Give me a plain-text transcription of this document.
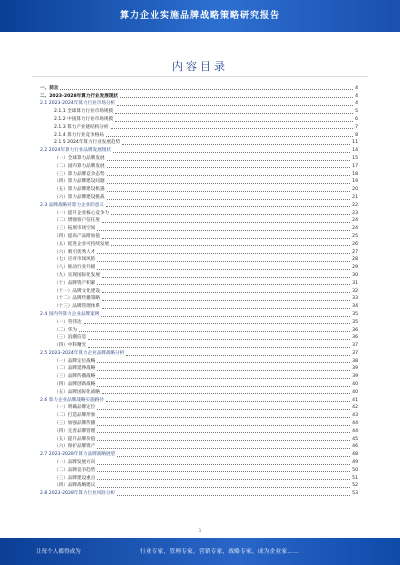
算力企业实施品牌战略策略研究报告
内容目录
一、前言	4
二、2023-2028年算力行业发展现状	4
2.1 2023-2024年算力行业市场分析	4
2.1.1 全球算力行业市场规模	5
2.1.2 中国算力行业市场规模	6
2.1.3 算力产业链结构分析	7
2.1.4 算力行业竞争格局	8
2.1.5 2024年算力行业发展趋势	11
2.2 2024年算力行业品牌发展现状	14
（一）全球算力品牌发展	15
（二）国内算力品牌发展	17
（三）算力品牌竞争态势	18
（四）算力品牌建设问题	19
（五）算力品牌建设机遇	20
（六）算力品牌建设挑战	21
2.3 品牌战略对算力企业的意义	22
（一）提升企业核心竞争力	23
（二）增强客户信任度	24
（三）拓展市场空间	24
（四）提高产品附加值	25
（五）促进企业可持续发展	26
（六）吸引优秀人才	27
（七）应对市场风险	28
（八）推动行业升级	29
（九）实现国际化发展	30
（十）品牌资产积累	31
（十一）品牌文化建设	32
（十二）品牌传播策略	33
（十三）品牌管理体系	34
2.4 国内外算力企业品牌案例	35
（一）英伟达	35
（二）华为	36
（三）浪潮信息	36
（四）中科曙光	37
2.5 2023-2024年算力企业品牌战略分析	37
（一）品牌定位战略	38
（二）品牌延伸战略	39
（三）品牌传播战略	39
（四）品牌创新战略	40
（五）品牌国际化战略	40
2.6 算力企业品牌战略实施路径	41
（一）明确品牌定位	42
（二）打造品牌形象	43
（三）加强品牌传播	44
（四）完善品牌管理	44
（五）提升品牌价值	45
（六）保护品牌资产	46
2.7 2023-2028年算力品牌战略展望	48
（一）品牌发展方向	49
（二）品牌竞争趋势	50
（三）品牌建设重点	51
（四）品牌战略建议	52
2.8 2023-2028年算力行业风险分析	53
1
让每个人都得成为	行业专家，管理专家，营销专家，战略专家，成为企业家……
